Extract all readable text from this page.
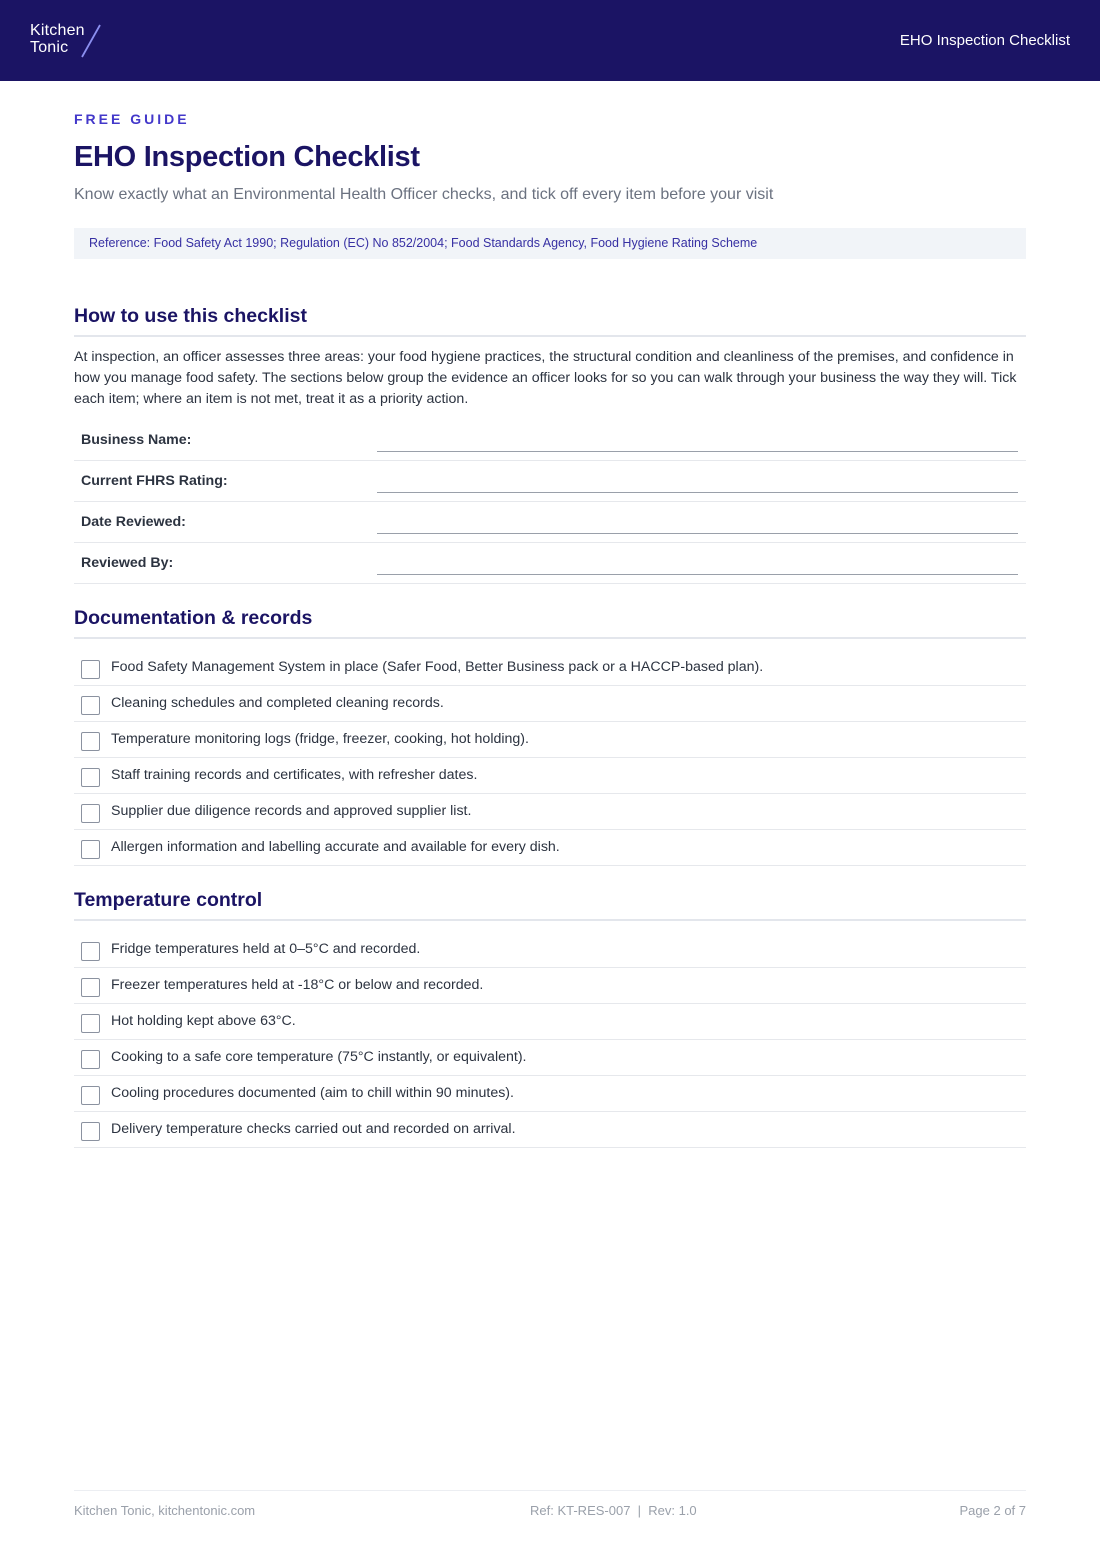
Kitchen
Tonic	EHO Inspection Checklist
FREE GUIDE
EHO Inspection Checklist
Know exactly what an Environmental Health Officer checks, and tick off every item before your visit
Reference: Food Safety Act 1990; Regulation (EC) No 852/2004; Food Standards Agency, Food Hygiene Rating Scheme
How to use this checklist

At inspection, an officer assesses three areas: your food hygiene practices, the structural condition and cleanliness of the premises, and confidence in how you manage food safety. The sections below group the evidence an officer looks for so you can walk through your business the way they will. Tick each item; where an item is not met, treat it as a priority action.

Business Name:
Current FHRS Rating:
Date Reviewed:
Reviewed By:
Documentation & records
Food Safety Management System in place (Safer Food, Better Business pack or a HACCP-based plan).
Cleaning schedules and completed cleaning records.
Temperature monitoring logs (fridge, freezer, cooking, hot holding).
Staff training records and certificates, with refresher dates.
Supplier due diligence records and approved supplier list.
Allergen information and labelling accurate and available for every dish.
Temperature control
Fridge temperatures held at 0–5°C and recorded.
Freezer temperatures held at -18°C or below and recorded.
Hot holding kept above 63°C.
Cooking to a safe core temperature (75°C instantly, or equivalent).
Cooling procedures documented (aim to chill within 90 minutes).
Delivery temperature checks carried out and recorded on arrival.
Kitchen Tonic, kitchentonic.com	Ref: KT-RES-007  |  Rev: 1.0	Page 2 of 7
